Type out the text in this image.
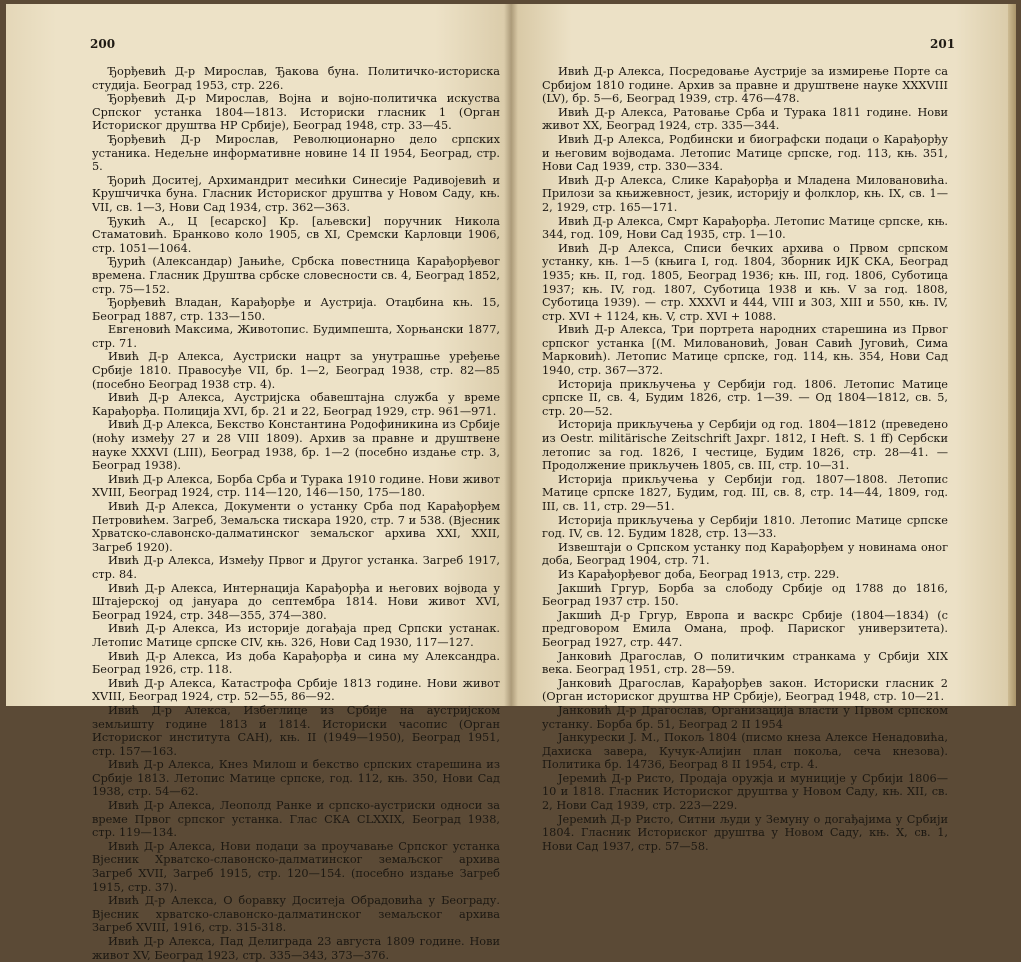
200	201

Ђорђевић Д-р Мирослав, Ђакова буна. Политичко-историска студија. Београд 1953, стр. 226.

Ђорђевић Д-р Мирослав, Војна и војно-политичка искуства Српског устанка 1804—1813. Историски гласник 1 (Орган Историског друштва НР Србије), Београд 1948, стр. 33—45.

Ђорђевић Д-р Мирослав, Революционарно дело српских устаника. Недељне информативне новине 14 II 1954, Београд, стр. 5.

Ђорић Доситеј, Архимандрит месићки Синесије Радивојевић и Крушчичка буна. Гласник Историског друштва у Новом Саду, књ. VII, св. 1—3, Нови Сад 1934, стр. 362—363.

Ђукић А., Ц [есарско] Кр. [аљевски] поручник Никола Стаматовић. Бранково коло 1905, св XI, Сремски Карловци 1906, стр. 1051—1064.

Ђурић (Александар) Јањиће, Србска повестница Карађорђевог времена. Гласник Друштва србске словесности св. 4, Београд 1852, стр. 75—152.

Ђорђевић Владан, Карађорђе и Аустрија. Отаџбина књ. 15, Београд 1887, стр. 133—150.

Евгеновић Максима, Животопис. Будимпешта, Хорњански 1877, стр. 71.

Ивић Д-р Алекса, Аустриски нацрт за унутрашње уређење Србије 1810. Правосуђе VII, бр. 1—2, Београд 1938, стр. 82—85 (посебно Београд 1938 стр. 4).

Ивић Д-р Алекса, Аустријска обавештајна служба у време Карађорђа. Полиција XVI, бр. 21 и 22, Београд 1929, стр. 961—971.

Ивић Д-р Алекса, Бекство Константина Родофиникина из Србије (ноћу између 27 и 28 VIII 1809). Архив за правне и друштвене науке XXXVI (LIII), Београд 1938, бр. 1—2 (посебно издање стр. 3, Београд 1938).

Ивић Д-р Алекса, Борба Срба и Турака 1910 године. Нови живот XVIII, Београд 1924, стр. 114—120, 146—150, 175—180.

Ивић Д-р Алекса, Документи о устанку Срба под Карађорђем Петровићем. Загреб, Земаљска тискара 1920, стр. 7 и 538. (Вјесник Хрватско-славонско-далматинског земаљског архива XXI, XXII, Загреб 1920).

Ивић Д-р Алекса, Између Првог и Другог устанка. Загреб 1917, стр. 84.

Ивић Д-р Алекса, Интернација Карађорђа и његових војвода у Штајерској од јануара до септембра 1814. Нови живот XVI, Београд 1924, стр. 348—355, 374—380.

Ивић Д-р Алекса, Из историје догађаја пред Српски устанак. Летопис Матице српске CIV, књ. 326, Нови Сад 1930, 117—127.

Ивић Д-р Алекса, Из доба Карађорђа и сина му Александра. Београд 1926, стр. 118.

Ивић Д-р Алекса, Катастрофа Србије 1813 године. Нови живот XVIII, Београд 1924, стр. 52—55, 86—92.

Ивић Д-р Алекса, Избеглице из Србије на аустријском земљишту године 1813 и 1814. Историски часопис (Орган Историског института САН), књ. II (1949—1950), Београд 1951, стр. 157—163.

Ивић Д-р Алекса, Кнез Милош и бекство српских старешина из Србије 1813. Летопис Матице српске, год. 112, књ. 350, Нови Сад 1938, стр. 54—62.

Ивић Д-р Алекса, Леополд Ранке и српско-аустриски односи за време Првог српског устанка. Глас СКА CLXXIX, Београд 1938, стр. 119—134.

Ивић Д-р Алекса, Нови подаци за проучавање Српског устанка Вјесник Хрватско-славонско-далматинског земаљског архива Загреб XVII, Загреб 1915, стр. 120—154. (посебно издање Загреб 1915, стр. 37).

Ивић Д-р Алекса, О боравку Доситеја Обрадовића у Београду. Вјесник хрватско-славонско-далматинског земаљског архива Загреб XVIII, 1916, стр. 315-318.

Ивић Д-р Алекса, Пад Делиграда 23 августа 1809 године. Нови живот XV, Београд 1923, стр. 335—343, 373—376.

Ивић Д-р Алекса, Посредовање Аустрије за измирење Порте са Србијом 1810 године. Архив за правне и друштвене науке XXXVIII (LV), бр. 5—6, Београд 1939, стр. 476—478.

Ивић Д-р Алекса, Ратовање Срба и Турака 1811 године. Нови живот XX, Београд 1924, стр. 335—344.

Ивић Д-р Алекса, Родбински и биографски подаци о Карађорђу и његовим војводама. Летопис Матице српске, год. 113, књ. 351, Нови Сад 1939, стр. 330—334.

Ивић Д-р Алекса, Слике Карађорђа и Младена Миловановића. Прилози за књижевност, језик, историју и фолклор, књ. IX, св. 1—2, 1929, стр. 165—171.

Ивић Д-р Алекса, Смрт Карађорђа. Летопис Матице српске, књ. 344, год. 109, Нови Сад 1935, стр. 1—10.

Ивић Д-р Алекса, Списи бечких архива о Првом српском устанку, књ. 1—5 (књига I, год. 1804, Зборник ИЈК СКА, Београд 1935; књ. II, год. 1805, Београд 1936; књ. III, год. 1806, Суботица 1937; књ. IV, год. 1807, Суботица 1938 и књ. V за год. 1808, Суботица 1939). — стр. XXXVI и 444, VIII и 303, XIII и 550, књ. IV, стр. XVI + 1124, књ. V, стр. XVI + 1088.

Ивић Д-р Алекса, Три портрета народних старешина из Првог српског устанка [(М. Миловановић, Јован Савић Југовић, Сима Марковић). Летопис Матице српске, год. 114, књ. 354, Нови Сад 1940, стр. 367—372.

Историја прикључења у Сербији год. 1806. Летопис Матице српске II, св. 4, Будим 1826, стр. 1—39. — Од 1804—1812, св. 5, стр. 20—52.

Историја прикључења у Сербији од год. 1804—1812 (преведено из Oestr. militärische Zeitschrift Јахрг. 1812, I Heft. S. 1 ff) Сербски летопис за год. 1826, I честице, Будим 1826, стр. 28—41. — Продолжение прикључењ 1805, св. III, стр. 10—31.

Историја прикључења у Сербији год. 1807—1808. Летопис Матице српске 1827, Будим, год. III, св. 8, стр. 14—44, 1809, год. III, св. 11, стр. 29—51.

Историја прикључења у Сербији 1810. Летопис Матице српске год. IV, св. 12. Будим 1828, стр. 13—33.

Извештаји о Српском устанку под Карађорђем у новинама оног доба, Београд 1904, стр. 71.

Из Карађорђевог доба, Београд 1913, стр. 229.

Јакшић Гргур, Борба за слободу Србије од 1788 до 1816, Београд 1937 стр. 150.

Јакшић Д-р Гргур, Европа и васкрс Србије (1804—1834) (с предговором Емила Омана, проф. Париског универзитета). Београд 1927, стр. 447.

Јанковић Драгослав, О политичким странкама у Србији XIX века. Београд 1951, стр. 28—59.

Јанковић Драгослав, Карађорђев закон. Историски гласник 2 (Орган историског друштва НР Србије), Београд 1948, стр. 10—21.

Јанковић Д-р Драгослав, Организација власти у Првом српском устанку. Борба бр. 51, Београд 2 II 1954

Јанкурески J. M., Покољ 1804 (писмо кнеза Алексе Ненадовића, Дахиска завера, Кучук-Алијин план покоља, сеча кнезова). Политика бр. 14736, Београд 8 II 1954, стр. 4.

Јеремић Д-р Ристо, Продаја оружја и муниције у Србији 1806—10 и 1818. Гласник Историског друштва у Новом Саду, књ. XII, св. 2, Нови Сад 1939, стр. 223—229.

Јеремић Д-р Ристо, Ситни људи у Земуну о догађајима у Србији 1804. Гласник Историског друштва у Новом Саду, књ. X, св. 1, Нови Сад 1937, стр. 57—58.
